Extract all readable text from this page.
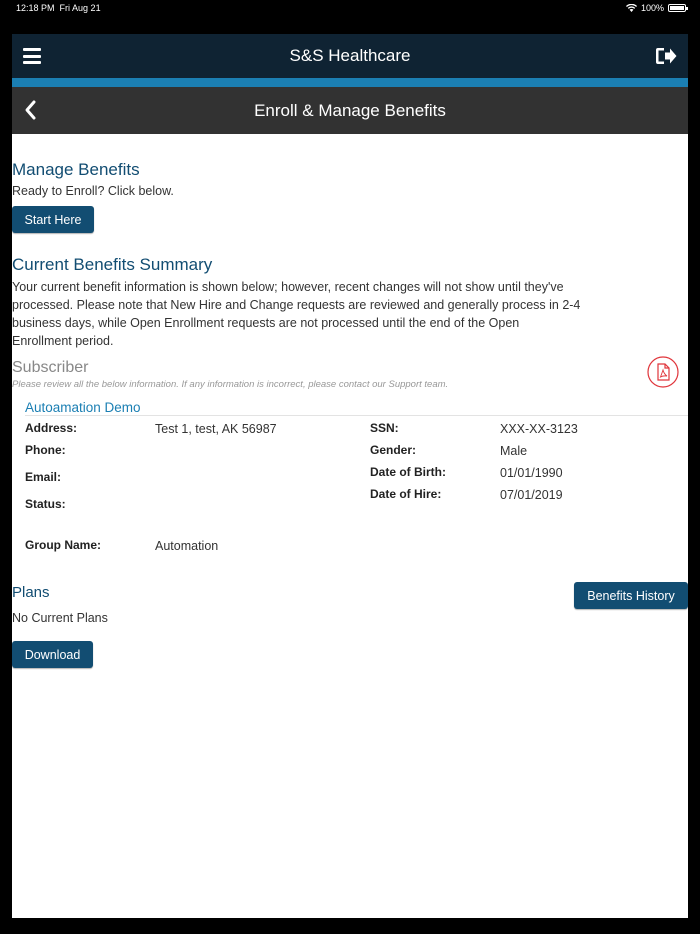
12:18 PM Fri Aug 21	100%
S&S Healthcare
Enroll & Manage Benefits
Manage Benefits
Ready to Enroll? Click below.
Start Here
Current Benefits Summary
Your current benefit information is shown below; however, recent changes will not show until they've processed. Please note that New Hire and Change requests are reviewed and generally process in 2-4 business days, while Open Enrollment requests are not processed until the end of the Open Enrollment period.
Subscriber
Please review all the below information. If any information is incorrect, please contact our Support team.
Autoamation Demo
Address:	Test 1, test, AK 56987
Phone:
Email:
Status:
SSN:	XXX-XX-3123
Gender:	Male
Date of Birth:	01/01/1990
Date of Hire:	07/01/2019
Group Name:	Automation
Plans	Benefits History
No Current Plans
Download
